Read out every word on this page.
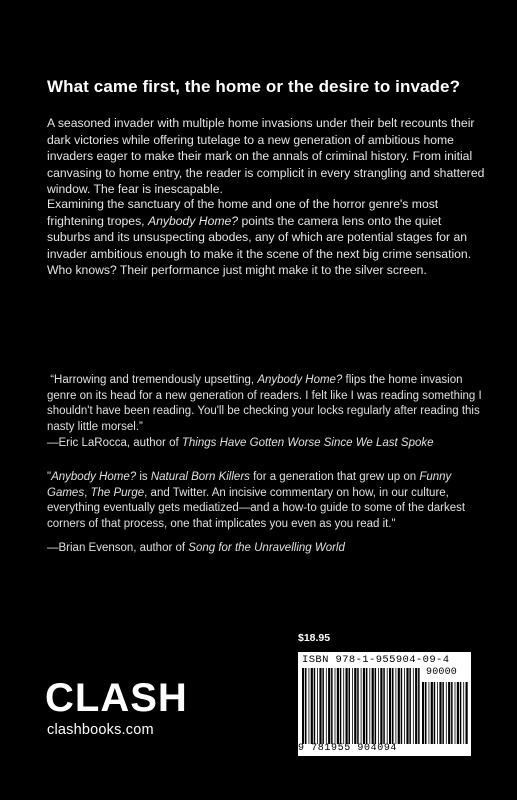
What came first, the home or the desire to invade?
A seasoned invader with multiple home invasions under their belt recounts their dark victories while offering tutelage to a new generation of ambitious home invaders eager to make their mark on the annals of criminal history. From initial canvasing to home entry, the reader is complicit in every strangling and shattered window. The fear is inescapable.
Examining the sanctuary of the home and one of the horror genre's most frightening tropes, Anybody Home? points the camera lens onto the quiet suburbs and its unsuspecting abodes, any of which are potential stages for an invader ambitious enough to make it the scene of the next big crime sensation. Who knows? Their performance just might make it to the silver screen.
“Harrowing and tremendously upsetting, Anybody Home? flips the home invasion genre on its head for a new generation of readers. I felt like I was reading something I shouldn't have been reading. You'll be checking your locks regularly after reading this nasty little morsel.”
—Eric LaRocca, author of Things Have Gotten Worse Since We Last Spoke
"Anybody Home? is Natural Born Killers for a generation that grew up on Funny Games, The Purge, and Twitter. An incisive commentary on how, in our culture, everything eventually gets mediatized—and a how-to guide to some of the darkest corners of that process, one that implicates you even as you read it."
—Brian Evenson, author of Song for the Unravelling World
$18.95
ISBN 978-1-955904-09-4
90000
9 781955 904094
CLASH
clashbooks.com
